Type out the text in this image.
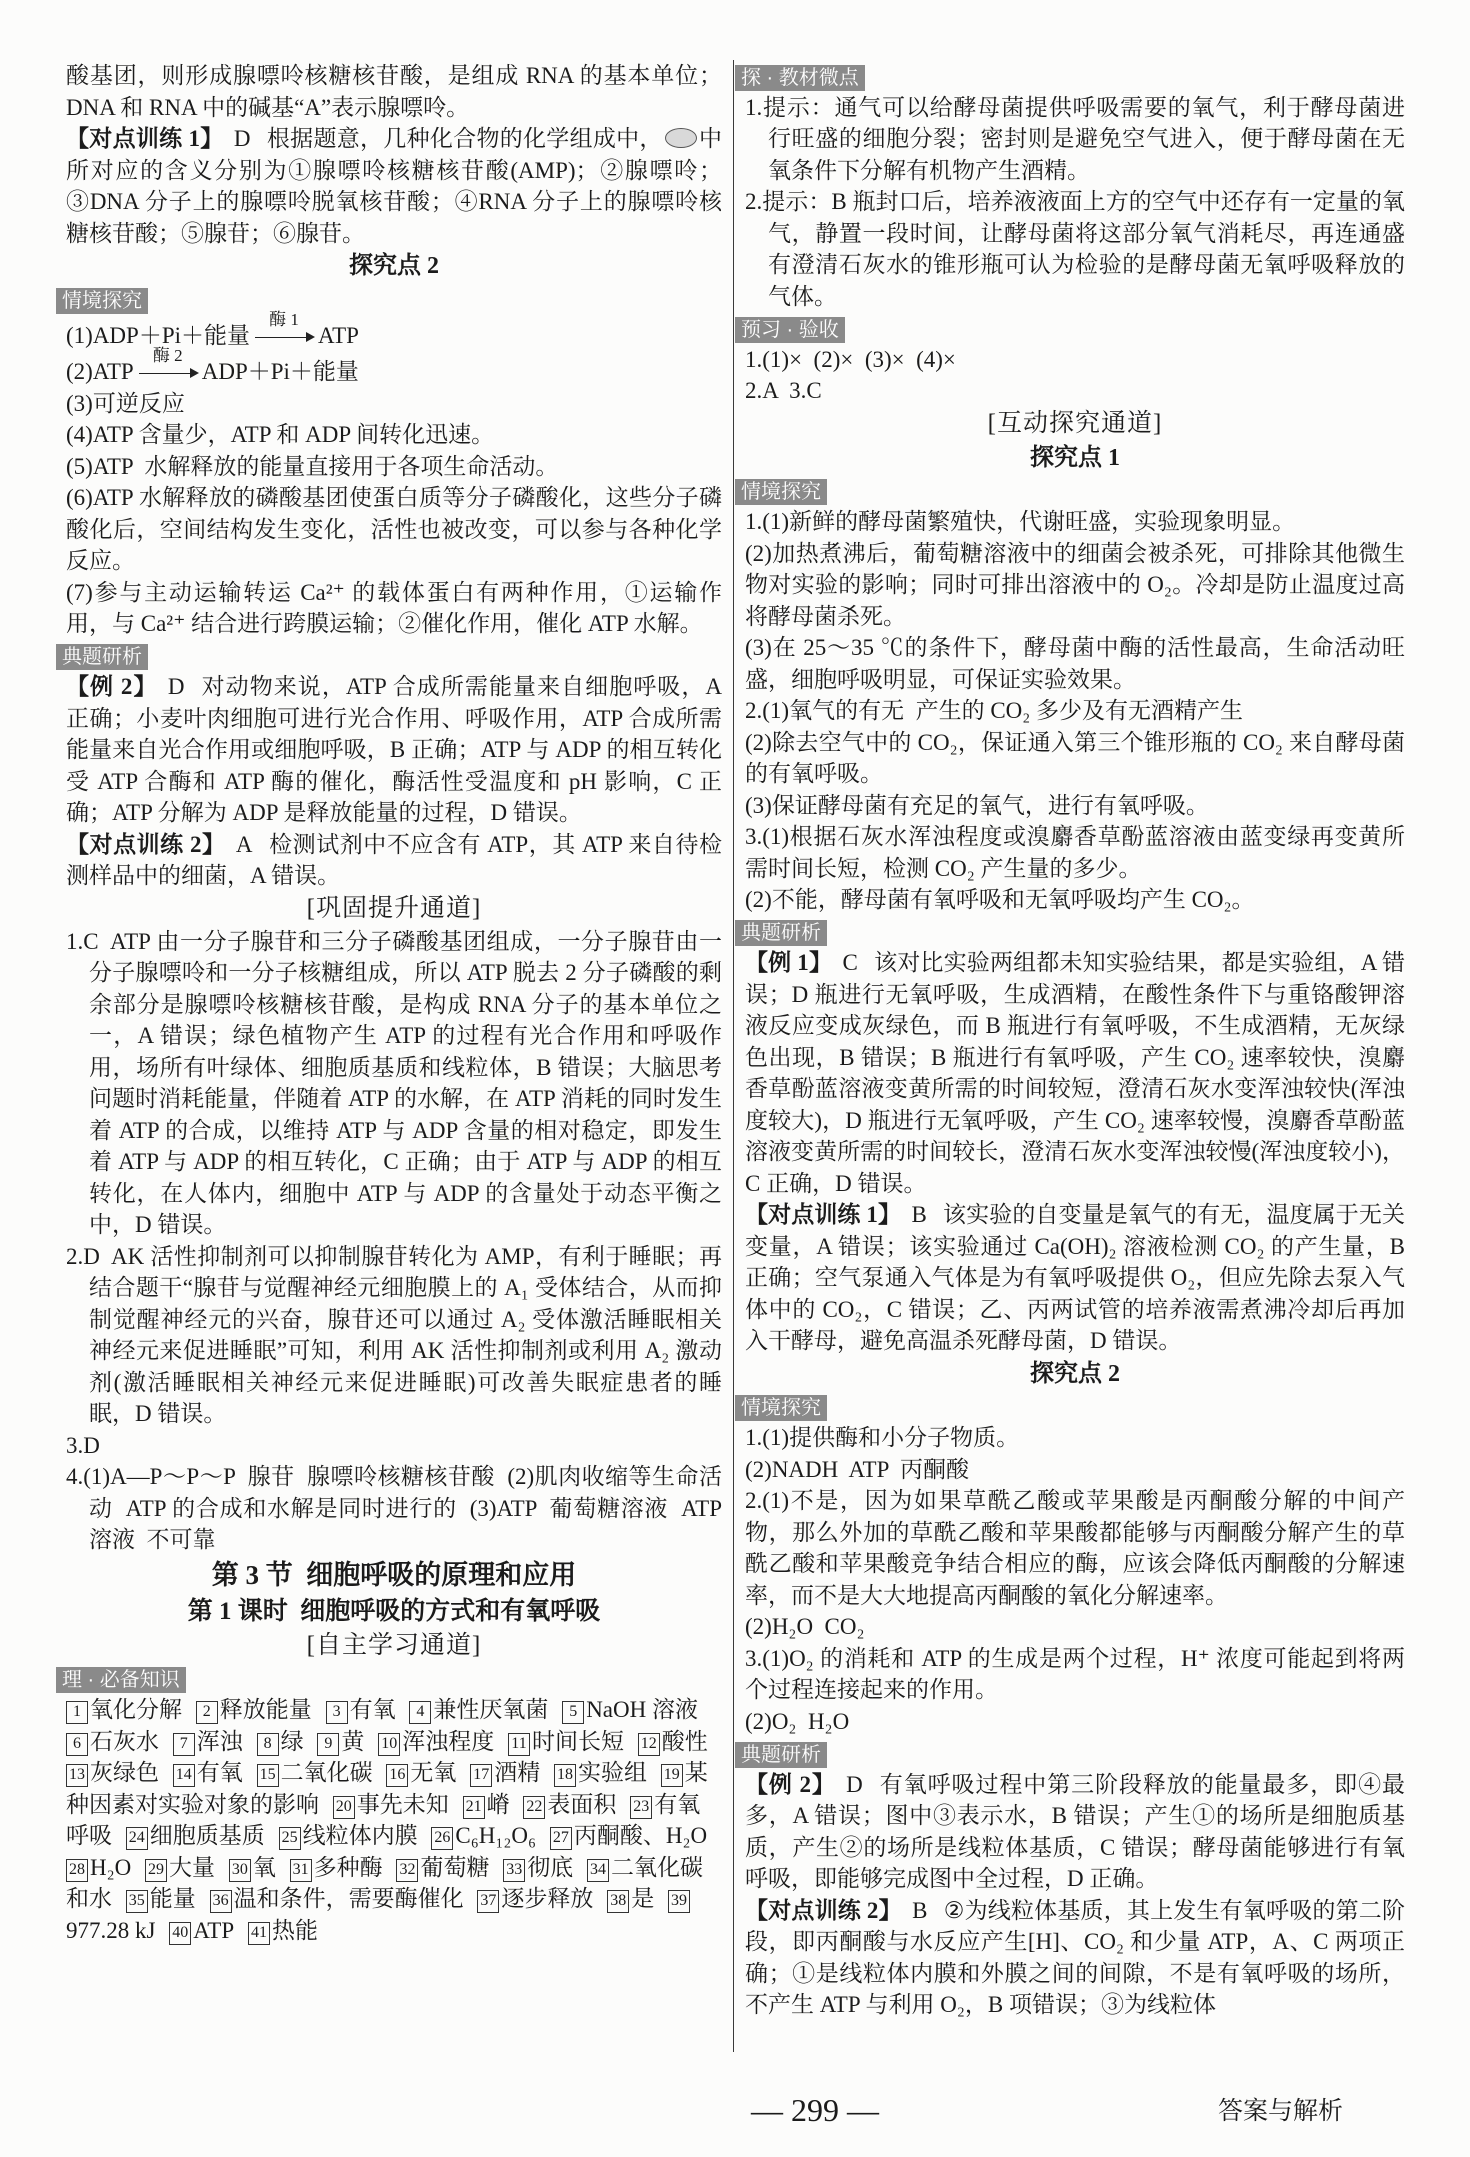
酸基团，则形成腺嘌呤核糖核苷酸，是组成 RNA 的基本单位；DNA 和 RNA 中的碱基“A”表示腺嘌呤。
【对点训练 1】 D 根据题意，几种化合物的化学组成中， 中所对应的含义分别为①腺嘌呤核糖核苷酸(AMP)；②腺嘌呤；③DNA 分子上的腺嘌呤脱氧核苷酸；④RNA 分子上的腺嘌呤核糖核苷酸；⑤腺苷；⑥腺苷。
探究点 2
情境探究
(1)ADP＋Pi＋能量
酶 1
ATP
(2)ATP
酶 2
ADP＋Pi＋能量
(3)可逆反应
(4)ATP 含量少，ATP 和 ADP 间转化迅速。
(5)ATP  水解释放的能量直接用于各项生命活动。
(6)ATP 水解释放的磷酸基团使蛋白质等分子磷酸化，这些分子磷酸化后，空间结构发生变化，活性也被改变，可以参与各种化学反应。
(7)参与主动运输转运 Ca²⁺ 的载体蛋白有两种作用，①运输作用，与 Ca²⁺ 结合进行跨膜运输；②催化作用，催化 ATP 水解。
典题研析
【例 2】 D 对动物来说，ATP 合成所需能量来自细胞呼吸，A 正确；小麦叶肉细胞可进行光合作用、呼吸作用，ATP 合成所需能量来自光合作用或细胞呼吸，B 正确；ATP 与 ADP 的相互转化受 ATP 合酶和 ATP 酶的催化，酶活性受温度和 pH 影响，C 正确；ATP 分解为 ADP 是释放能量的过程，D 错误。
【对点训练 2】 A 检测试剂中不应含有 ATP，其 ATP 来自待检测样品中的细菌，A 错误。
[巩固提升通道]
1.C  ATP 由一分子腺苷和三分子磷酸基团组成，一分子腺苷由一分子腺嘌呤和一分子核糖组成，所以 ATP 脱去 2 分子磷酸的剩余部分是腺嘌呤核糖核苷酸，是构成 RNA 分子的基本单位之一，A 错误；绿色植物产生 ATP 的过程有光合作用和呼吸作用，场所有叶绿体、细胞质基质和线粒体，B 错误；大脑思考问题时消耗能量，伴随着 ATP 的水解，在 ATP 消耗的同时发生着 ATP 的合成，以维持 ATP 与 ADP 含量的相对稳定，即发生着 ATP 与 ADP 的相互转化，C 正确；由于 ATP 与 ADP 的相互转化，在人体内，细胞中 ATP 与 ADP 的含量处于动态平衡之中，D 错误。
2.D  AK 活性抑制剂可以抑制腺苷转化为 AMP，有利于睡眠；再结合题干“腺苷与觉醒神经元细胞膜上的 A₁ 受体结合，从而抑制觉醒神经元的兴奋，腺苷还可以通过 A₂ 受体激活睡眠相关神经元来促进睡眠”可知，利用 AK 活性抑制剂或利用 A₂ 激动剂(激活睡眠相关神经元来促进睡眠)可改善失眠症患者的睡眠，D 错误。
3.D
4.(1)A—P～P～P  腺苷  腺嘌呤核糖核苷酸  (2)肌肉收缩等生命活动  ATP 的合成和水解是同时进行的  (3)ATP  葡萄糖溶液  ATP 溶液  不可靠
第 3 节  细胞呼吸的原理和应用
第 1 课时  细胞呼吸的方式和有氧呼吸
[自主学习通道]
理 · 必备知识
1 氧化分解 2 释放能量 3 有氧 4 兼性厌氧菌 5 NaOH 溶液6 石灰水 7 浑浊 8 绿 9 黄 10 浑浊程度 11 时间长短 12 酸性13 灰绿色 14 有氧 15 二氧化碳 16 无氧 17 酒精 18 实验组 19 某种因素对实验对象的影响 20 事先未知 21 嵴 22 表面积 23 有氧呼吸 24 细胞质基质 25 线粒体内膜 26 C₆H₁₂O₆ 27 丙酮酸、H₂O28 H₂O 29 大量 30 氧 31 多种酶 32 葡萄糖 33 彻底 34 二氧化碳和水 35 能量 36 温和条件，需要酶催化 37 逐步释放 38 是 39977.28 kJ 40 ATP 41 热能
探 · 教材微点
1.提示：通气可以给酵母菌提供呼吸需要的氧气，利于酵母菌进行旺盛的细胞分裂；密封则是避免空气进入，便于酵母菌在无氧条件下分解有机物产生酒精。
2.提示：B 瓶封口后，培养液液面上方的空气中还存有一定量的氧气，静置一段时间，让酵母菌将这部分氧气消耗尽，再连通盛有澄清石灰水的锥形瓶可认为检验的是酵母菌无氧呼吸释放的气体。
预习 · 验收
1.(1)×  (2)×  (3)×  (4)×
2.A  3.C
[互动探究通道]
探究点 1
情境探究
1.(1)新鲜的酵母菌繁殖快，代谢旺盛，实验现象明显。
(2)加热煮沸后，葡萄糖溶液中的细菌会被杀死，可排除其他微生物对实验的影响；同时可排出溶液中的 O₂。冷却是防止温度过高将酵母菌杀死。
(3)在 25～35 ℃的条件下，酵母菌中酶的活性最高，生命活动旺盛，细胞呼吸明显，可保证实验效果。
2.(1)氧气的有无  产生的 CO₂ 多少及有无酒精产生
(2)除去空气中的 CO₂，保证通入第三个锥形瓶的 CO₂ 来自酵母菌的有氧呼吸。
(3)保证酵母菌有充足的氧气，进行有氧呼吸。
3.(1)根据石灰水浑浊程度或溴麝香草酚蓝溶液由蓝变绿再变黄所需时间长短，检测 CO₂ 产生量的多少。
(2)不能，酵母菌有氧呼吸和无氧呼吸均产生 CO₂。
典题研析
【例 1】 C 该对比实验两组都未知实验结果，都是实验组，A 错误；D 瓶进行无氧呼吸，生成酒精，在酸性条件下与重铬酸钾溶液反应变成灰绿色，而 B 瓶进行有氧呼吸，不生成酒精，无灰绿色出现，B 错误；B 瓶进行有氧呼吸，产生 CO₂ 速率较快，溴麝香草酚蓝溶液变黄所需的时间较短，澄清石灰水变浑浊较快(浑浊度较大)，D 瓶进行无氧呼吸，产生 CO₂ 速率较慢，溴麝香草酚蓝溶液变黄所需的时间较长，澄清石灰水变浑浊较慢(浑浊度较小)，C 正确，D 错误。
【对点训练 1】 B 该实验的自变量是氧气的有无，温度属于无关变量，A 错误；该实验通过 Ca(OH)₂ 溶液检测 CO₂ 的产生量，B 正确；空气泵通入气体是为有氧呼吸提供 O₂，但应先除去泵入气体中的 CO₂，C 错误；乙、丙两试管的培养液需煮沸冷却后再加入干酵母，避免高温杀死酵母菌，D 错误。
探究点 2
情境探究
1.(1)提供酶和小分子物质。
(2)NADH  ATP  丙酮酸
2.(1)不是，因为如果草酰乙酸或苹果酸是丙酮酸分解的中间产物，那么外加的草酰乙酸和苹果酸都能够与丙酮酸分解产生的草酰乙酸和苹果酸竞争结合相应的酶，应该会降低丙酮酸的分解速率，而不是大大地提高丙酮酸的氧化分解速率。
(2)H₂O  CO₂
3.(1)O₂ 的消耗和 ATP 的生成是两个过程，H⁺ 浓度可能起到将两个过程连接起来的作用。
(2)O₂  H₂O
典题研析
【例 2】 D 有氧呼吸过程中第三阶段释放的能量最多，即④最多，A 错误；图中③表示水，B 错误；产生①的场所是细胞质基质，产生②的场所是线粒体基质，C 错误；酵母菌能够进行有氧呼吸，即能够完成图中全过程，D 正确。
【对点训练 2】 B ②为线粒体基质，其上发生有氧呼吸的第二阶段，即丙酮酸与水反应产生[H]、CO₂ 和少量 ATP，A、C 两项正确；①是线粒体内膜和外膜之间的间隙，不是有氧呼吸的场所，不产生 ATP 与利用 O₂，B 项错误；③为线粒体
— 299 —	答案与解析
